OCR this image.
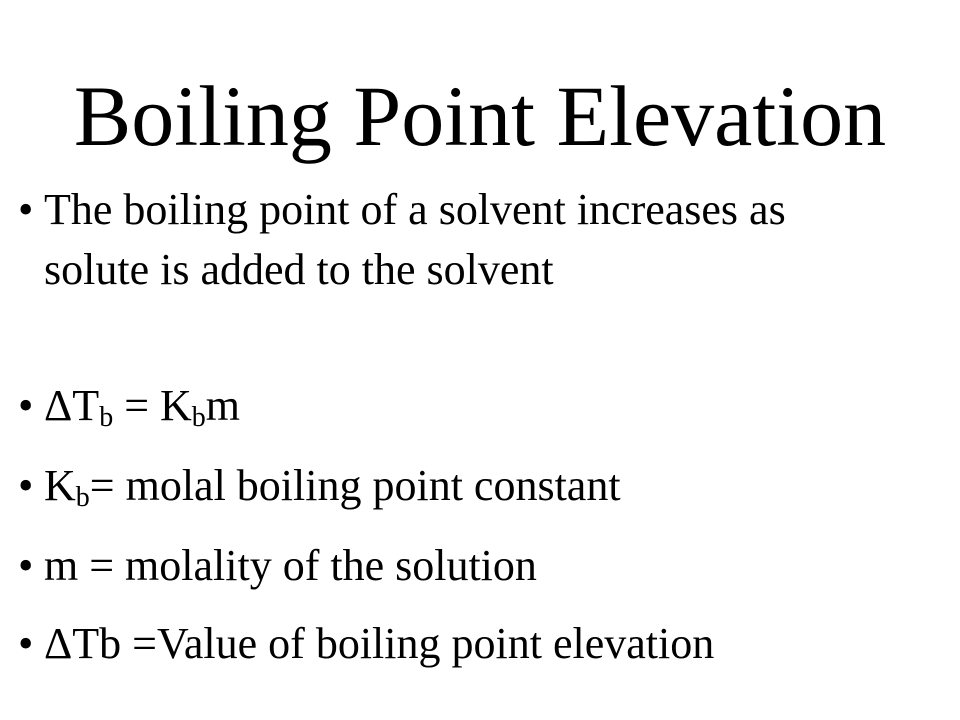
Boiling Point Elevation
• The boiling point of a solvent increases as solute is added to the solvent
• $\Delta T_b = K_bm$
• $K_b=$ molal boiling point constant
• m = molality of the solution
• ΔTb =Value of boiling point elevation
